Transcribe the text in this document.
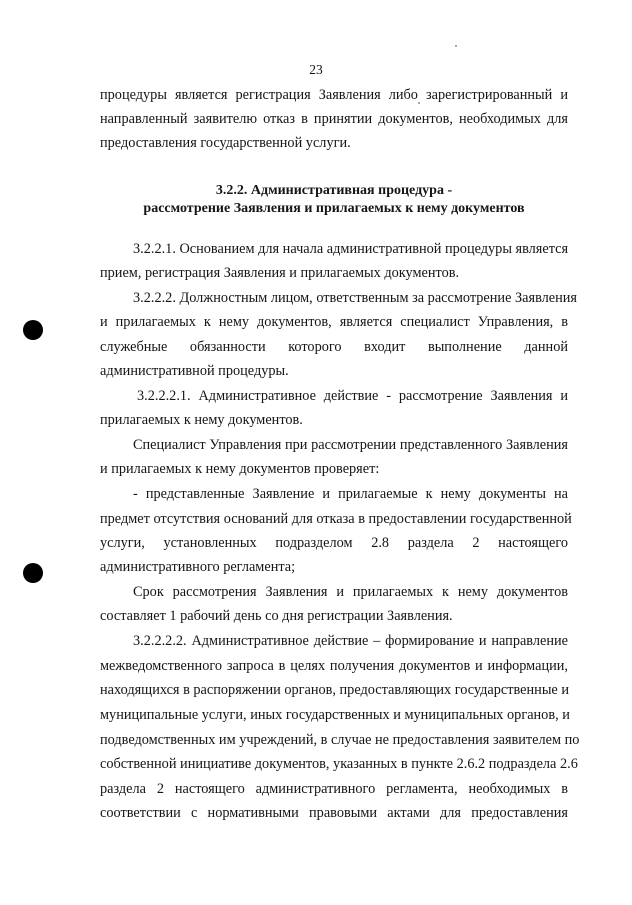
23
процедуры является регистрация Заявления либо зарегистрированный и
направленный заявителю отказ в принятии документов, необходимых для
предоставления государственной услуги.
3.2.2. Административная процедура -
рассмотрение Заявления и прилагаемых к нему документов
3.2.2.1. Основанием для начала административной процедуры является
прием, регистрация Заявления и прилагаемых документов.
3.2.2.2. Должностным лицом, ответственным за рассмотрение Заявления
и прилагаемых к нему документов, является специалист Управления, в
служебные обязанности которого входит выполнение данной
административной процедуры.
3.2.2.2.1. Административное действие - рассмотрение Заявления и
прилагаемых к нему документов.
Специалист Управления при рассмотрении представленного Заявления
и прилагаемых к нему документов проверяет:
- представленные Заявление и прилагаемые к нему документы на
предмет отсутствия оснований для отказа в предоставлении государственной
услуги, установленных подразделом 2.8 раздела 2 настоящего
административного регламента;
Срок рассмотрения Заявления и прилагаемых к нему документов
составляет 1 рабочий день со дня регистрации Заявления.
3.2.2.2.2. Административное действие – формирование и направление
межведомственного запроса в целях получения документов и информации,
находящихся в распоряжении органов, предоставляющих государственные и
муниципальные услуги, иных государственных и муниципальных органов, и
подведомственных им учреждений, в случае не предоставления заявителем по
собственной инициативе документов, указанных в пункте 2.6.2 подраздела 2.6
раздела 2 настоящего административного регламента, необходимых в
соответствии с нормативными правовыми актами для предоставления
